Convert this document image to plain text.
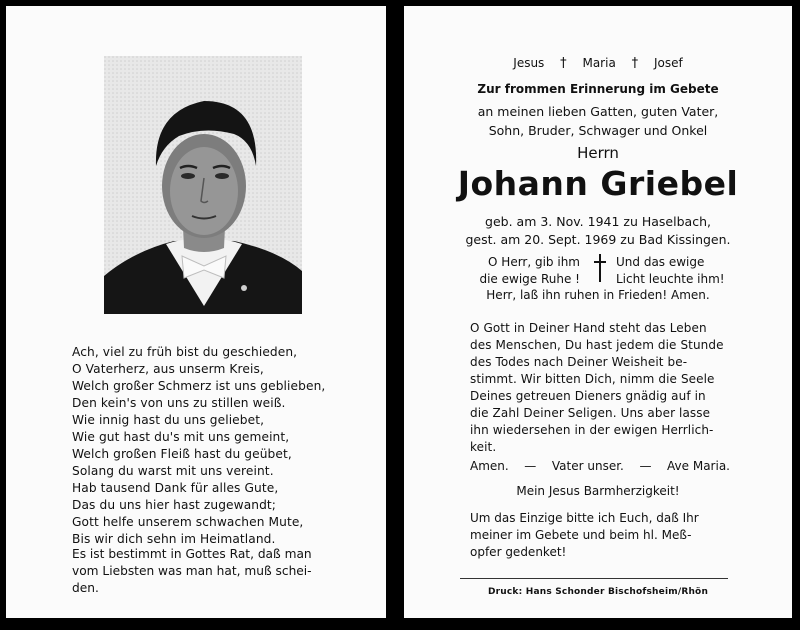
Ach, viel zu früh bist du geschieden,
O Vaterherz, aus unserm Kreis,
Welch großer Schmerz ist uns geblieben,
Den kein's von uns zu stillen weiß.
Wie innig hast du uns geliebet,
Wie gut hast du's mit uns gemeint,
Welch großen Fleiß hast du geübet,
Solang du warst mit uns vereint.
Hab tausend Dank für alles Gute,
Das du uns hier hast zugewandt;
Gott helfe unserem schwachen Mute,
Bis wir dich sehn im Heimatland.
Es ist bestimmt in Gottes Rat, daß man
vom Liebsten was man hat, muß schei-
den.
Jesus † Maria † Josef
Zur frommen Erinnerung im Gebete
an meinen lieben Gatten, guten Vater,
Sohn, Bruder, Schwager und Onkel
Herrn
Johann Griebel
geb. am 3. Nov. 1941 zu Haselbach,
gest. am 20. Sept. 1969 zu Bad Kissingen.
O Herr, gib ihm
die ewige Ruhe !
Und das ewige
Licht leuchte ihm!
Herr, laß ihn ruhen in Frieden! Amen.
O Gott in Deiner Hand steht das Leben
des Menschen, Du hast jedem die Stunde
des Todes nach Deiner Weisheit be-
stimmt. Wir bitten Dich, nimm die Seele
Deines getreuen Dieners gnädig auf in
die Zahl Deiner Seligen. Uns aber lasse
ihn wiedersehen in der ewigen Herrlich-
keit.
Amen. — Vater unser. — Ave Maria.
Mein Jesus Barmherzigkeit!
Um das Einzige bitte ich Euch, daß Ihr
meiner im Gebete und beim hl. Meß-
opfer gedenket!
Druck: Hans Schonder Bischofsheim/Rhön
